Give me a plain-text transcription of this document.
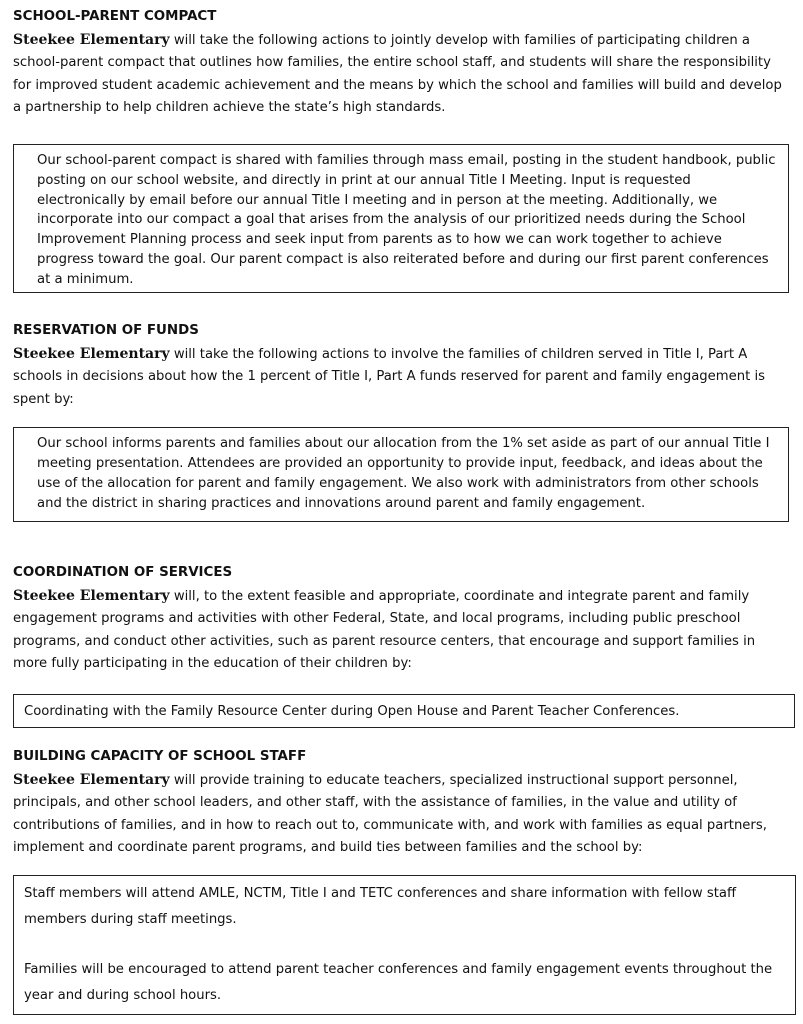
SCHOOL-PARENT COMPACT

Steekee Elementary will take the following actions to jointly develop with families of participating children a school-parent compact that outlines how families, the entire school staff, and students will share the responsibility for improved student academic achievement and the means by which the school and families will build and develop a partnership to help children achieve the state’s high standards.

Our school-parent compact is shared with families through mass email, posting in the student handbook, public posting on our school website, and directly in print at our annual Title I Meeting. Input is requested electronically by email before our annual Title I meeting and in person at the meeting. Additionally, we incorporate into our compact a goal that arises from the analysis of our prioritized needs during the School Improvement Planning process and seek input from parents as to how we can work together to achieve progress toward the goal. Our parent compact is also reiterated before and during our first parent conferences at a minimum.

RESERVATION OF FUNDS

Steekee Elementary will take the following actions to involve the families of children served in Title I, Part A schools in decisions about how the 1 percent of Title I, Part A funds reserved for parent and family engagement is spent by:

Our school informs parents and families about our allocation from the 1% set aside as part of our annual Title I meeting presentation. Attendees are provided an opportunity to provide input, feedback, and ideas about the use of the allocation for parent and family engagement. We also work with administrators from other schools and the district in sharing practices and innovations around parent and family engagement.

COORDINATION OF SERVICES

Steekee Elementary will, to the extent feasible and appropriate, coordinate and integrate parent and family engagement programs and activities with other Federal, State, and local programs, including public preschool programs, and conduct other activities, such as parent resource centers, that encourage and support families in more fully participating in the education of their children by:

Coordinating with the Family Resource Center during Open House and Parent Teacher Conferences.

BUILDING CAPACITY OF SCHOOL STAFF

Steekee Elementary will provide training to educate teachers, specialized instructional support personnel, principals, and other school leaders, and other staff, with the assistance of families, in the value and utility of contributions of families, and in how to reach out to, communicate with, and work with families as equal partners, implement and coordinate parent programs, and build ties between families and the school by:

Staff members will attend AMLE, NCTM, Title I and TETC conferences and share information with fellow staff members during staff meetings.

Families will be encouraged to attend parent teacher conferences and family engagement events throughout the year and during school hours.
